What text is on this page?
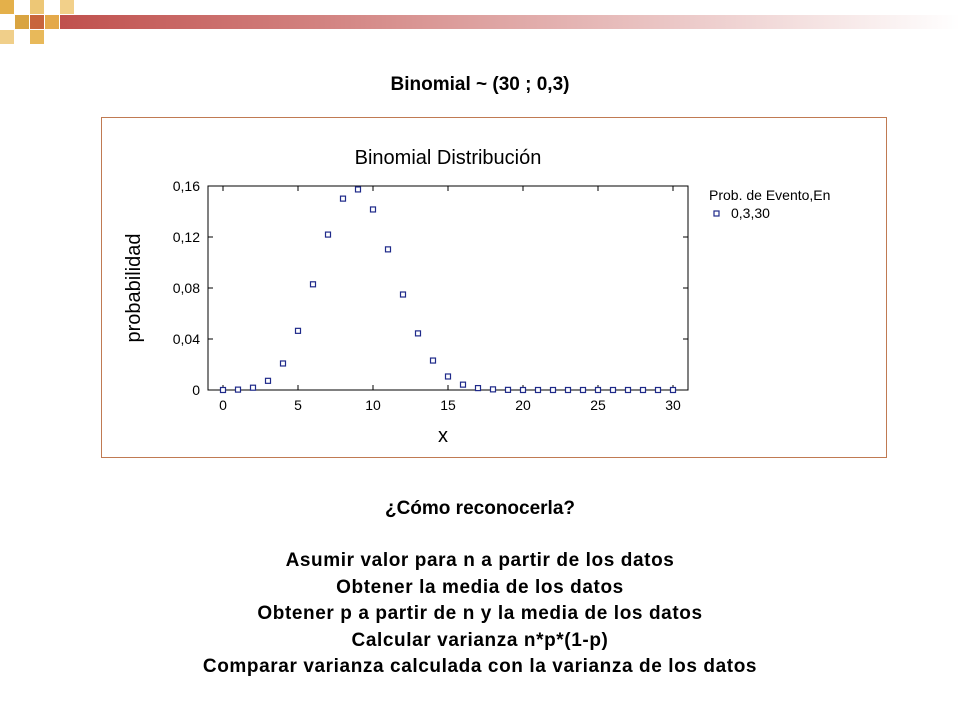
Binomial ~ (30 ; 0,3)
Binomial Distribución
0
0,04
0,08
0,12
0,16
0	5	10	15	20	25	30
x
probabilidad
Prob. de Evento,En
0,3,30
¿Cómo reconocerla?
Asumir valor para n a partir de los datos
Obtener la media de los datos
Obtener p a partir de n y la media de los datos
Calcular varianza n*p*(1-p)
Comparar varianza calculada con la varianza de los datos
